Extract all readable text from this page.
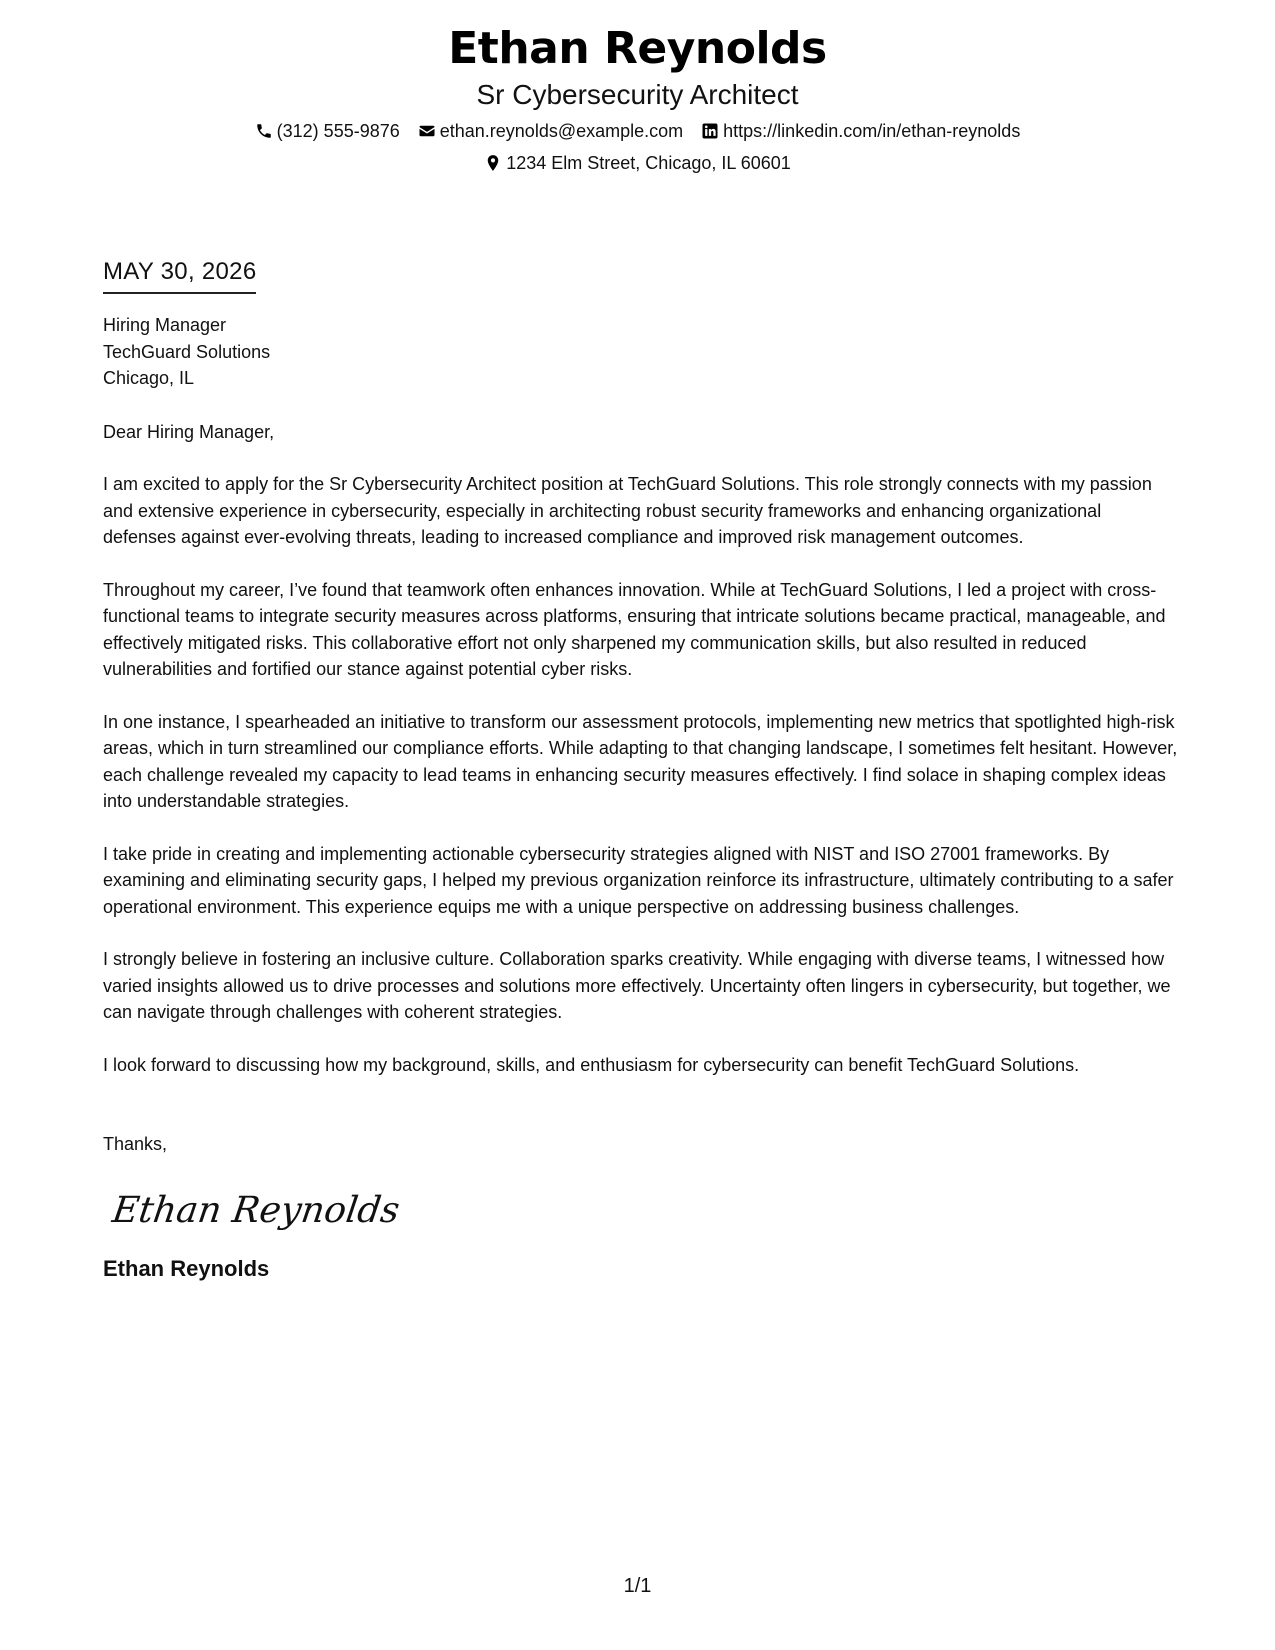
Ethan Reynolds
Sr Cybersecurity Architect
(312) 555-9876 ethan.reynolds@example.com https://linkedin.com/in/ethan-reynolds
1234 Elm Street, Chicago, IL 60601
MAY 30, 2026
Hiring Manager
TechGuard Solutions
Chicago, IL
Dear Hiring Manager,
I am excited to apply for the Sr Cybersecurity Architect position at TechGuard Solutions. This role strongly connects with my passion and extensive experience in cybersecurity, especially in architecting robust security frameworks and enhancing organizational defenses against ever-evolving threats, leading to increased compliance and improved risk management outcomes.
Throughout my career, I’ve found that teamwork often enhances innovation. While at TechGuard Solutions, I led a project with cross-functional teams to integrate security measures across platforms, ensuring that intricate solutions became practical, manageable, and effectively mitigated risks. This collaborative effort not only sharpened my communication skills, but also resulted in reduced vulnerabilities and fortified our stance against potential cyber risks.
In one instance, I spearheaded an initiative to transform our assessment protocols, implementing new metrics that spotlighted high-risk areas, which in turn streamlined our compliance efforts. While adapting to that changing landscape, I sometimes felt hesitant. However, each challenge revealed my capacity to lead teams in enhancing security measures effectively. I find solace in shaping complex ideas into understandable strategies.
I take pride in creating and implementing actionable cybersecurity strategies aligned with NIST and ISO 27001 frameworks. By examining and eliminating security gaps, I helped my previous organization reinforce its infrastructure, ultimately contributing to a safer operational environment. This experience equips me with a unique perspective on addressing business challenges.
I strongly believe in fostering an inclusive culture. Collaboration sparks creativity. While engaging with diverse teams, I witnessed how varied insights allowed us to drive processes and solutions more effectively. Uncertainty often lingers in cybersecurity, but together, we can navigate through challenges with coherent strategies.
I look forward to discussing how my background, skills, and enthusiasm for cybersecurity can benefit TechGuard Solutions.
Thanks,
Ethan Reynolds
Ethan Reynolds
1/1
